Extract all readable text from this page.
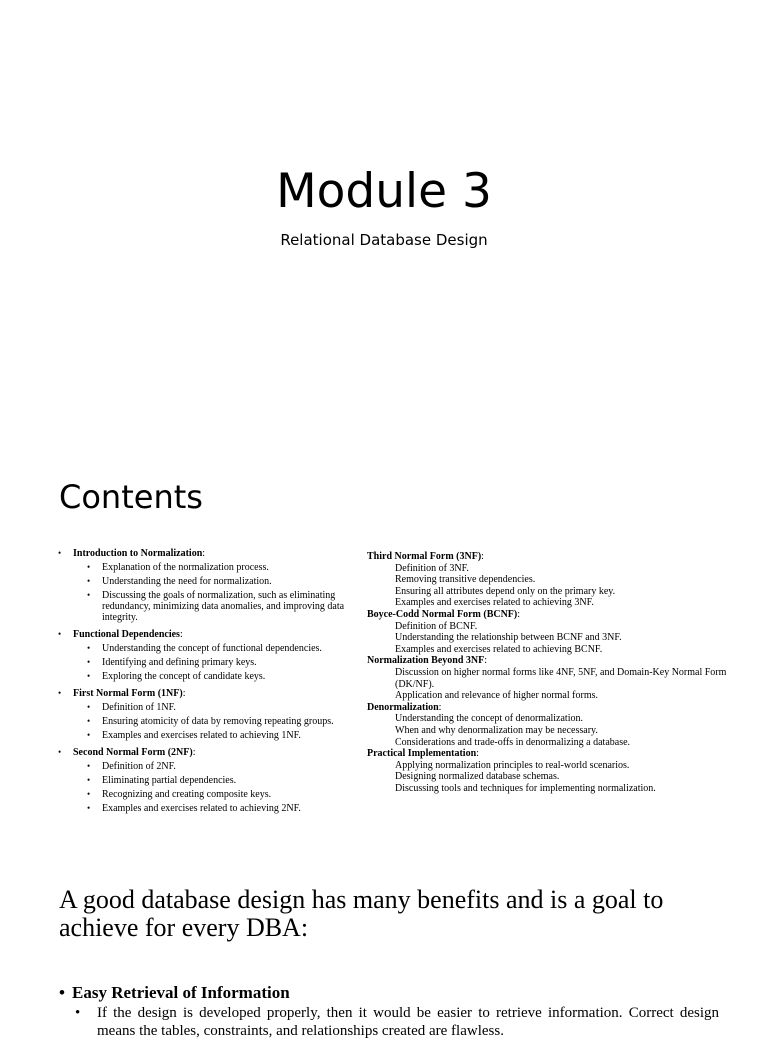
Module 3
Relational Database Design
Contents
• Introduction to Normalization:
• Explanation of the normalization process.
• Understanding the need for normalization.
• Discussing the goals of normalization, such as eliminating redundancy, minimizing data anomalies, and improving data integrity.
• Functional Dependencies:
• Understanding the concept of functional dependencies.
• Identifying and defining primary keys.
• Exploring the concept of candidate keys.
• First Normal Form (1NF):
• Definition of 1NF.
• Ensuring atomicity of data by removing repeating groups.
• Examples and exercises related to achieving 1NF.
• Second Normal Form (2NF):
• Definition of 2NF.
• Eliminating partial dependencies.
• Recognizing and creating composite keys.
• Examples and exercises related to achieving 2NF.
Third Normal Form (3NF):
Definition of 3NF.
Removing transitive dependencies.
Ensuring all attributes depend only on the primary key.
Examples and exercises related to achieving 3NF.
Boyce-Codd Normal Form (BCNF):
Definition of BCNF.
Understanding the relationship between BCNF and 3NF.
Examples and exercises related to achieving BCNF.
Normalization Beyond 3NF:
Discussion on higher normal forms like 4NF, 5NF, and Domain-Key Normal Form (DK/NF).
Application and relevance of higher normal forms.
Denormalization:
Understanding the concept of denormalization.
When and why denormalization may be necessary.
Considerations and trade-offs in denormalizing a database.
Practical Implementation:
Applying normalization principles to real-world scenarios.
Designing normalized database schemas.
Discussing tools and techniques for implementing normalization.
A good database design has many benefits and is a goal to achieve for every DBA:
• Easy Retrieval of Information
• If the design is developed properly, then it would be easier to retrieve information. Correct design means the tables, constraints, and relationships created are flawless.
